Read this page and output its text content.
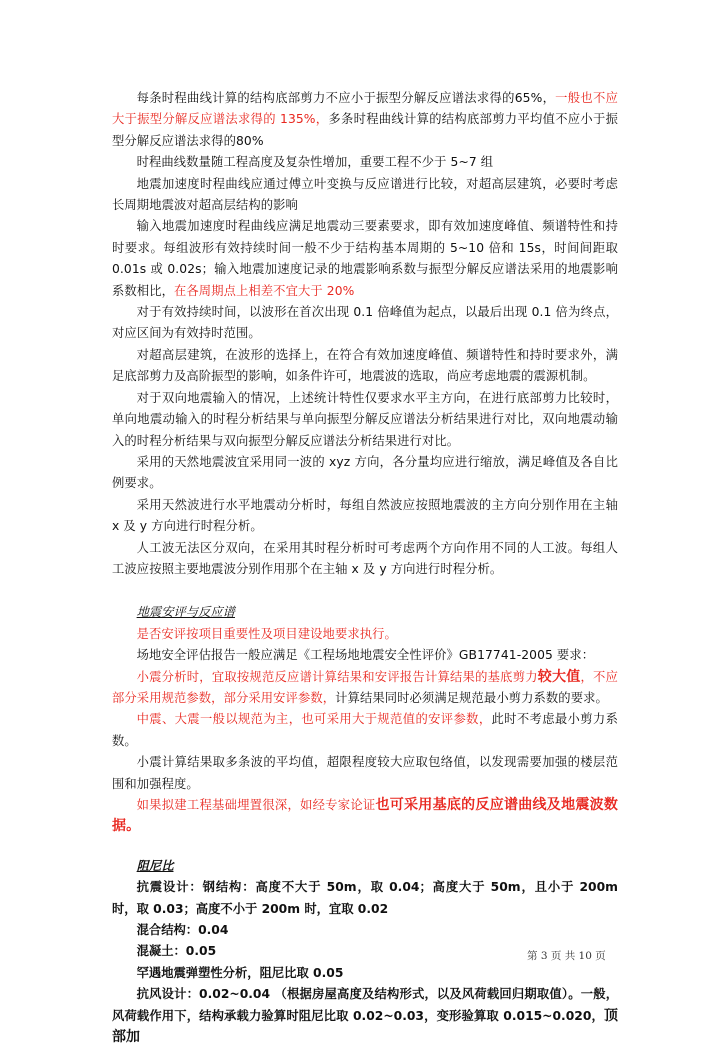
每条时程曲线计算的结构底部剪力不应小于振型分解反应谱法求得的65%，一般也不应大于振型分解反应谱法求得的 135%，多条时程曲线计算的结构底部剪力平均值不应小于振型分解反应谱法求得的80%

时程曲线数量随工程高度及复杂性增加，重要工程不少于 5~7 组

地震加速度时程曲线应通过傅立叶变换与反应谱进行比较，对超高层建筑，必要时考虑长周期地震波对超高层结构的影响

输入地震加速度时程曲线应满足地震动三要素要求，即有效加速度峰值、频谱特性和持时要求。每组波形有效持续时间一般不少于结构基本周期的 5~10 倍和 15s，时间间距取 0.01s 或 0.02s；输入地震加速度记录的地震影响系数与振型分解反应谱法采用的地震影响系数相比，在各周期点上相差不宜大于 20%

对于有效持续时间，以波形在首次出现 0.1 倍峰值为起点，以最后出现 0.1 倍为终点，对应区间为有效持时范围。

对超高层建筑，在波形的选择上，在符合有效加速度峰值、频谱特性和持时要求外，满足底部剪力及高阶振型的影响，如条件许可，地震波的选取，尚应考虑地震的震源机制。

对于双向地震输入的情况，上述统计特性仅要求水平主方向，在进行底部剪力比较时，单向地震动输入的时程分析结果与单向振型分解反应谱法分析结果进行对比，双向地震动输入的时程分析结果与双向振型分解反应谱法分析结果进行对比。

采用的天然地震波宜采用同一波的 xyz 方向，各分量均应进行缩放，满足峰值及各自比例要求。

采用天然波进行水平地震动分析时，每组自然波应按照地震波的主方向分别作用在主轴 x 及 y 方向进行时程分析。

人工波无法区分双向，在采用其时程分析时可考虑两个方向作用不同的人工波。每组人工波应按照主要地震波分别作用那个在主轴 x 及 y 方向进行时程分析。

地震安评与反应谱

是否安评按项目重要性及项目建设地要求执行。

场地安全评估报告一般应满足《工程场地地震安全性评价》GB17741-2005 要求：

小震分析时，宜取按规范反应谱计算结果和安评报告计算结果的基底剪力较大值，不应部分采用规范参数，部分采用安评参数，计算结果同时必须满足规范最小剪力系数的要求。

中震、大震一般以规范为主，也可采用大于规范值的安评参数，此时不考虑最小剪力系数。

小震计算结果取多条波的平均值，超限程度较大应取包络值，以发现需要加强的楼层范围和加强程度。

如果拟建工程基础埋置很深，如经专家论证也可采用基底的反应谱曲线及地震波数据。

阻尼比

抗震设计：钢结构：高度不大于 50m，取 0.04；高度大于 50m，且小于 200m 时，取 0.03；高度不小于 200m 时，宜取 0.02

混合结构：0.04

混凝土：0.05

罕遇地震弹塑性分析，阻尼比取 0.05

抗风设计：0.02~0.04 （根据房屋高度及结构形式，以及风荷载回归期取值）。一般，风荷载作用下，结构承载力验算时阻尼比取 0.02~0.03，变形验算取 0.015~0.020，顶部加

第 3 页 共 10 页
